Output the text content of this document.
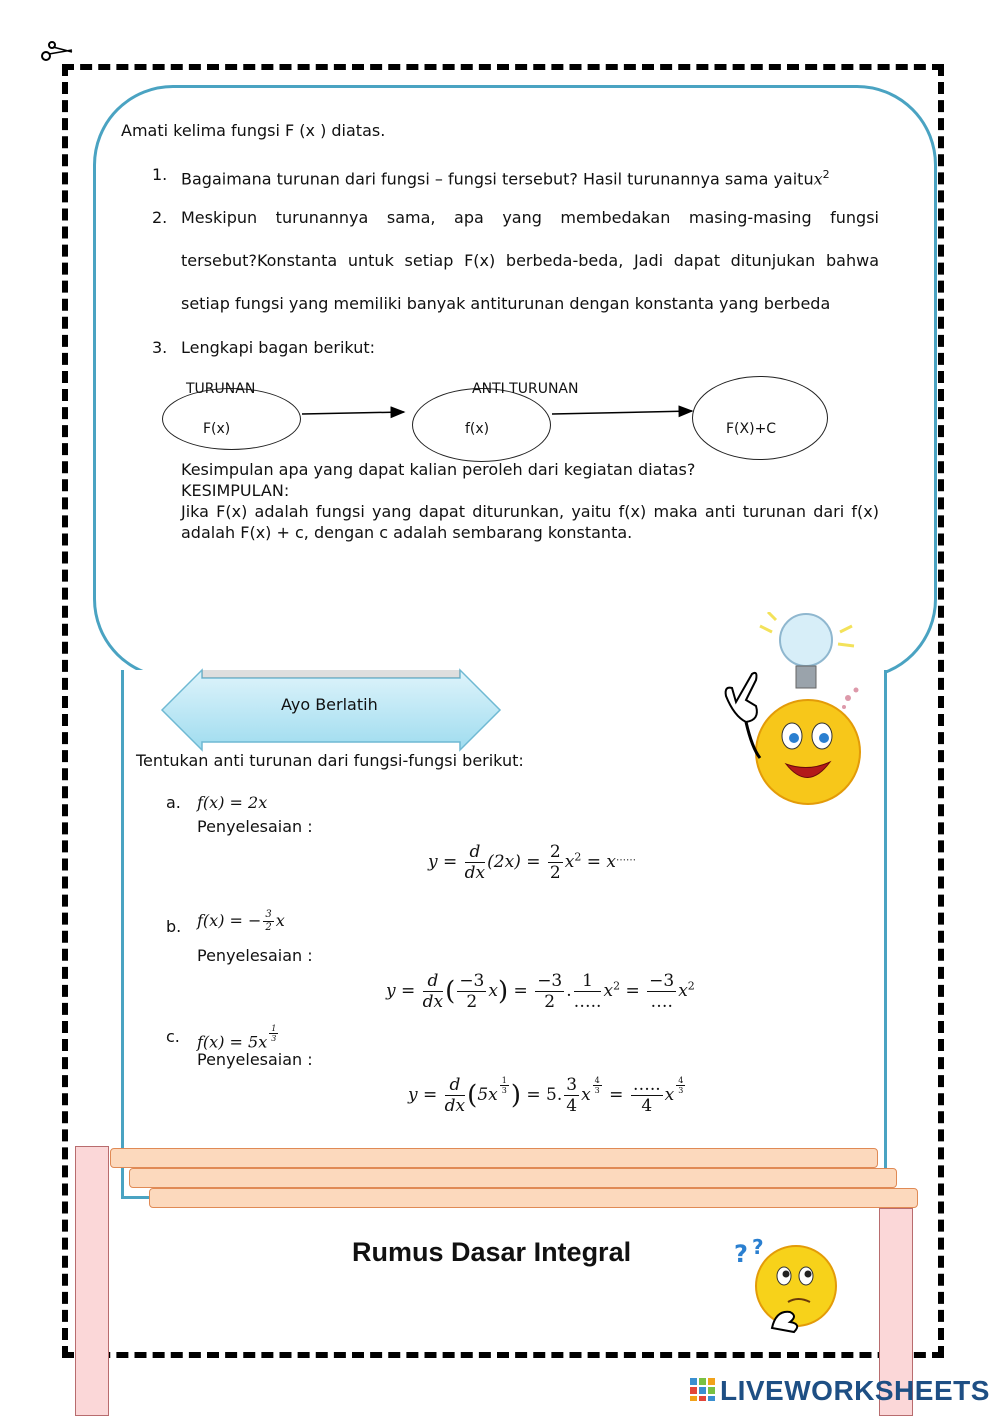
Amati kelima fungsi F (x ) diatas.
1. Bagaimana turunan dari fungsi – fungsi tersebut? Hasil turunannya sama yaitux$^2$
2. Meskipun turunannya sama, apa yang membedakan masing-masing fungsi
tersebut?Konstanta untuk setiap F(x) berbeda-beda, Jadi dapat ditunjukan bahwa
setiap fungsi yang memiliki banyak antiturunan dengan konstanta yang berbeda
3. Lengkapi bagan berikut:
TURUNAN	ANTI TURUNAN
F(x)	f(x)	F(X)+C
Kesimpulan apa yang dapat kalian peroleh dari kegiatan diatas?
KESIMPULAN:
Jika F(x) adalah fungsi yang dapat diturunkan, yaitu f(x) maka anti turunan dari f(x)
adalah F(x) + c, dengan c adalah sembarang konstanta.
Ayo Berlatih
Tentukan anti turunan dari fungsi-fungsi berikut:
a. f(x) = 2x
Penyelesaian :
$y = \frac{d}{dx} (2x) = \frac{2}{2} x^2 = x^{\dots\dots}$
b. f(x) = − $\frac{3}{2}$ x
Penyelesaian :
$y = \frac{d}{dx}$ ( $\frac{-3}{2} x) = \frac{-3}{2}$ . $\frac{1}{\dots..} x^2 = \frac{-3}{\dots.} x^2$
c. $f(x) = 5x \frac{1}{3}$
Penyelesaian :
$y = \frac{d}{dx} (5x \frac{1}{3}$ ) = 5. $\frac{3}{4}$ x $\frac{4}{3} = \frac{\dots..}{4}$ x $\frac{4}{3}$
Rumus Dasar Integral	? ?
LIVEWORKSHEETS
